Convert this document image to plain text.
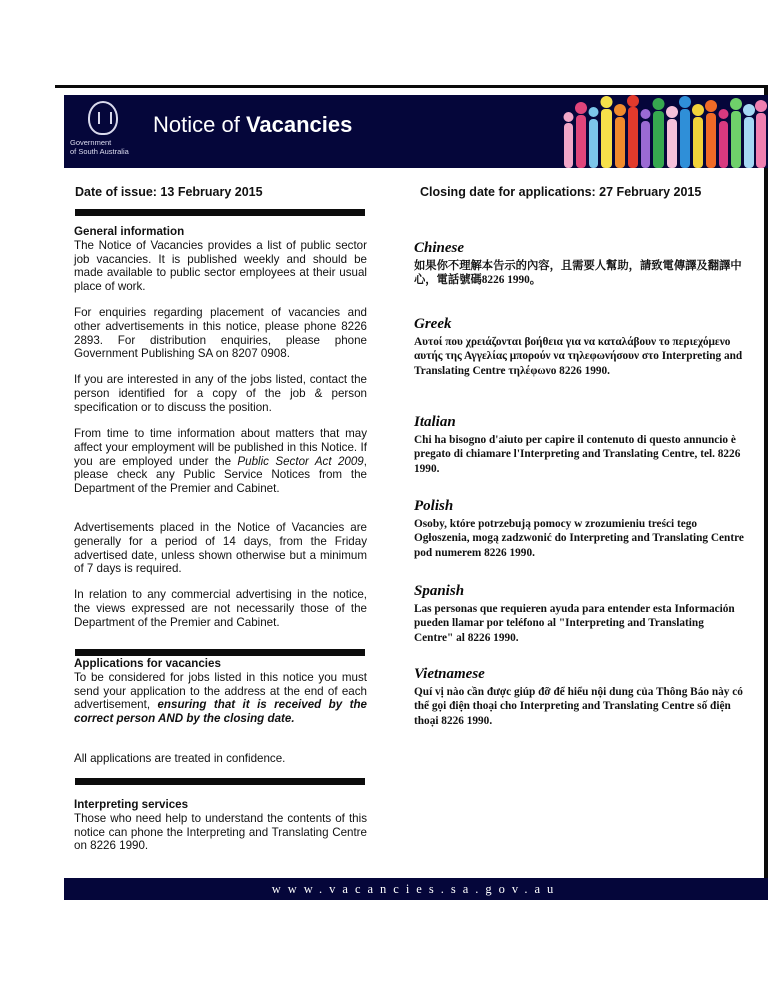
Government
of South Australia
Notice of Vacancies
Date of issue: 13 February 2015	Closing date for applications: 27 February 2015
General information
The Notice of Vacancies provides a list of public sector job vacancies. It is published weekly and should be made available to public sector employees at their usual place of work.
For enquiries regarding placement of vacancies and other advertisements in this notice, please phone 8226 2893. For distribution enquiries, please phone Government Publishing SA on 8207 0908.
If you are interested in any of the jobs listed, contact the person identified for a copy of the job & person specification or to discuss the position.
From time to time information about matters that may affect your employment will be published in this Notice. If you are employed under the Public Sector Act 2009, please check any Public Service Notices from the Department of the Premier and Cabinet.
Advertisements placed in the Notice of Vacancies are generally for a period of 14 days, from the Friday advertised date, unless shown otherwise but a minimum of 7 days is required.
In relation to any commercial advertising in the notice, the views expressed are not necessarily those of the Department of the Premier and Cabinet.
Applications for vacancies
To be considered for jobs listed in this notice you must send your application to the address at the end of each advertisement, ensuring that it is received by the correct person AND by the closing date.
All applications are treated in confidence.
Interpreting services
Those who need help to understand the contents of this notice can phone the Interpreting and Translating Centre on 8226 1990.
Chinese
如果你不理解本告示的內容，且需要人幫助，請致電傳譯及翻譯中心，電話號碼8226 1990。
Greek
Αυτοί που χρειάζονται βοήθεια για να καταλάβουν το περιεχόμενο αυτής της Αγγελίας μπορούν να τηλεφωνήσουν στο Interpreting and Translating Centre τηλέφωνο 8226 1990.
Italian
Chi ha bisogno d'aiuto per capire il contenuto di questo annuncio è pregato di chiamare l'Interpreting and Translating Centre, tel. 8226 1990.
Polish
Osoby, które potrzebują pomocy w zrozumieniu treści tego Ogłoszenia, mogą zadzwonić do Interpreting and Translating Centre pod numerem 8226 1990.
Spanish
Las personas que requieren ayuda para entender esta Información pueden llamar por teléfono al "Interpreting and Translating Centre" al 8226 1990.
Vietnamese
Quí vị nào cần được giúp đỡ để hiểu nội dung của Thông Báo này có thể gọi điện thoại cho Interpreting and Translating Centre số điện thoại 8226 1990.
www.vacancies.sa.gov.au
